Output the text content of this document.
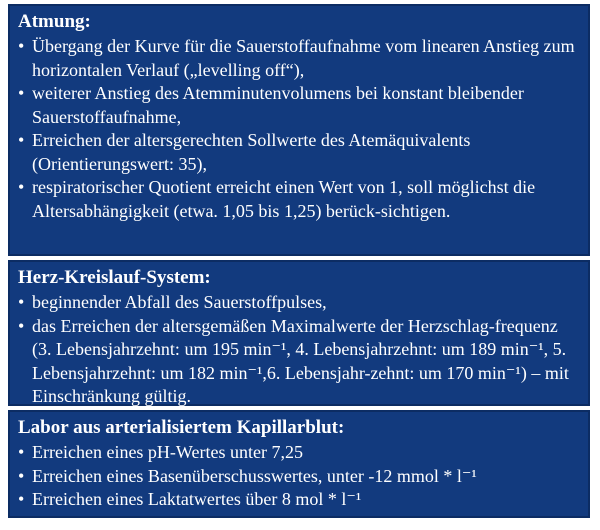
Atmung:
• Übergang der Kurve für die Sauerstoffaufnahme vom linearen Anstieg zum horizontalen Verlauf („levelling off“),
• weiterer Anstieg des Atemminutenvolumens bei konstant bleibender Sauerstoffaufnahme,
• Erreichen der altersgerechten Sollwerte des Atemäquivalents (Orientierungswert: 35),
• respiratorischer Quotient erreicht einen Wert von 1, soll möglichst die Altersabhängigkeit (etwa. 1,05 bis 1,25) berück-sichtigen.
Herz-Kreislauf-System:
• beginnender Abfall des Sauerstoffpulses,
• das Erreichen der altersgemäßen Maximalwerte der Herzschlag-frequenz (3. Lebensjahrzehnt: um 195 min⁻¹, 4. Lebensjahrzehnt: um 189 min⁻¹, 5. Lebensjahrzehnt: um 182 min⁻¹,6. Lebensjahr-zehnt: um 170 min⁻¹) – mit Einschränkung gültig.
Labor aus arterialisiertem Kapillarblut:
• Erreichen eines pH-Wertes unter 7,25
• Erreichen eines Basenüberschusswertes, unter -12 mmol * l⁻¹
• Erreichen eines Laktatwertes über 8 mol * l⁻¹
